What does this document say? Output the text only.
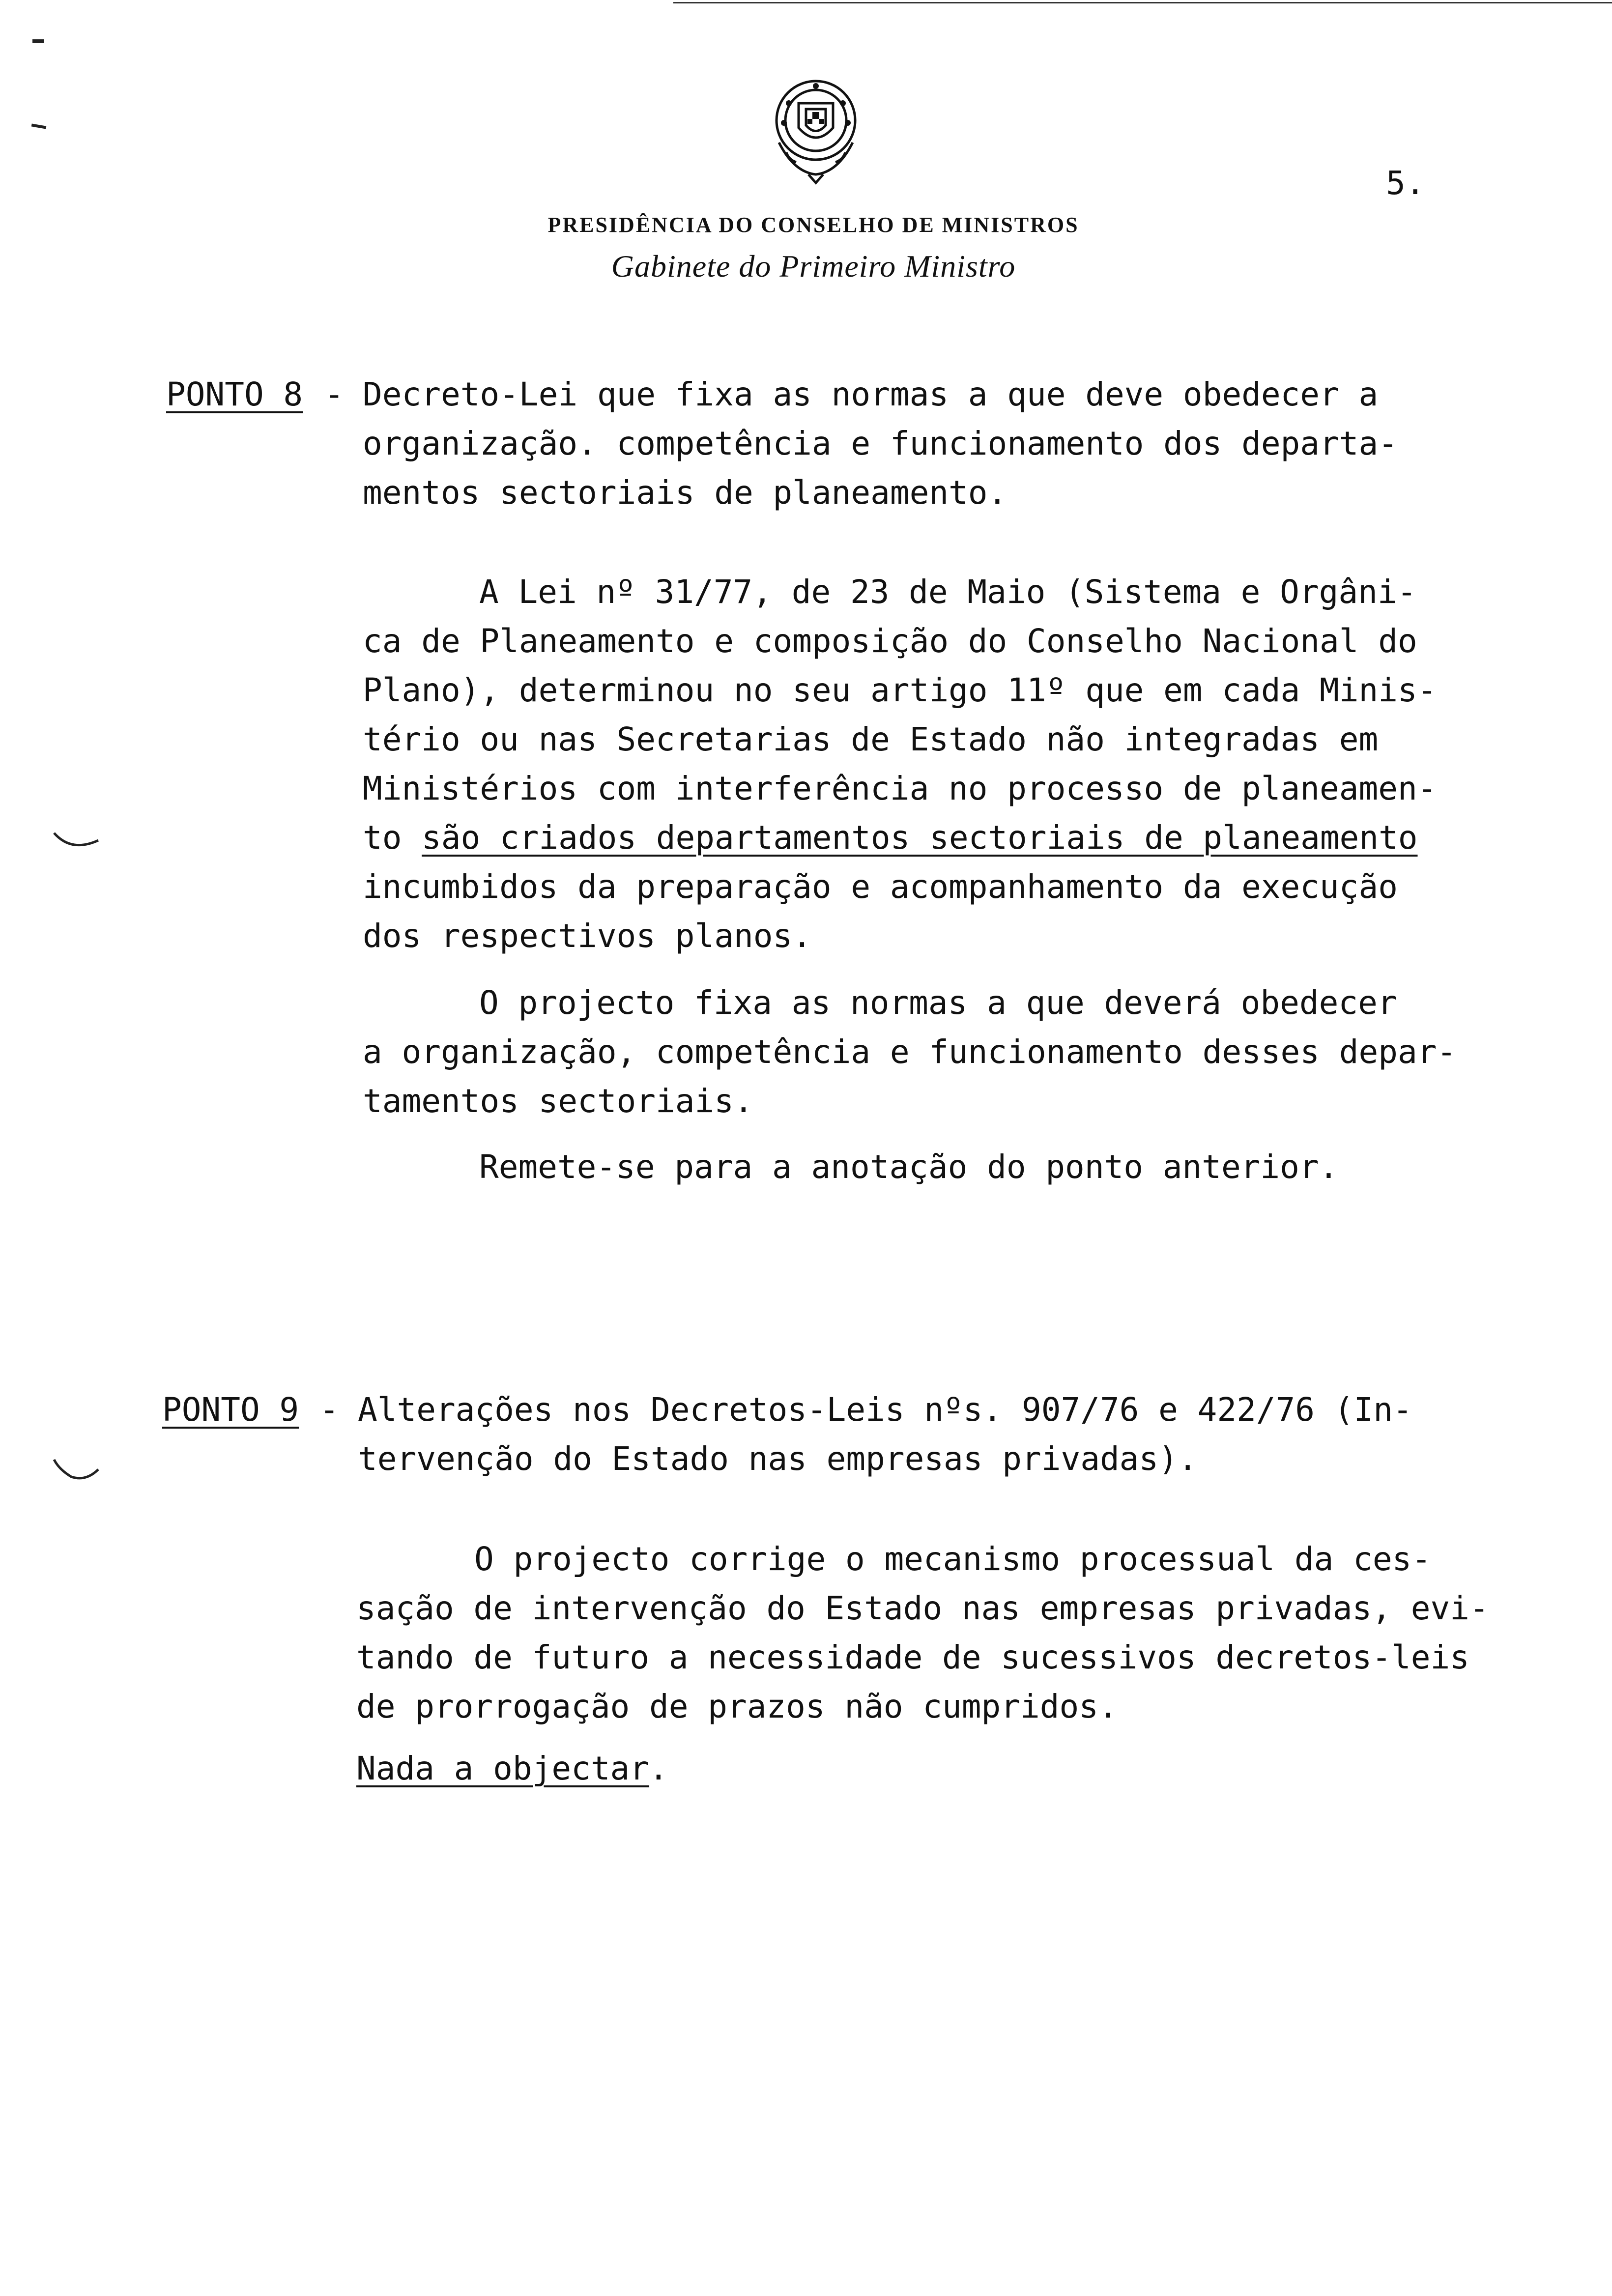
PRESIDÊNCIA DO CONSELHO DE MINISTROS
Gabinete do Primeiro Ministro
5.
PONTO 8 - Decreto-Lei que fixa as normas a que deve obedecer a
organização. competência e funcionamento dos departa-
mentos sectoriais de planeamento.
A Lei nº 31/77, de 23 de Maio (Sistema e Orgâni-
ca de Planeamento e composição do Conselho Nacional do
Plano), determinou no seu artigo 11º que em cada Minis-
tério ou nas Secretarias de Estado não integradas em
Ministérios com interferência no processo de planeamen-
to são criados departamentos sectoriais de planeamento
incumbidos da preparação e acompanhamento da execução
dos respectivos planos.
O projecto fixa as normas a que deverá obedecer
a organização, competência e funcionamento desses depar-
tamentos sectoriais.
Remete-se para a anotação do ponto anterior.
PONTO 9 - Alterações nos Decretos-Leis nºs. 907/76 e 422/76 (In-
tervenção do Estado nas empresas privadas).
O projecto corrige o mecanismo processual da ces-
sação de intervenção do Estado nas empresas privadas, evi-
tando de futuro a necessidade de sucessivos decretos-leis
de prorrogação de prazos não cumpridos.
Nada a objectar
.
